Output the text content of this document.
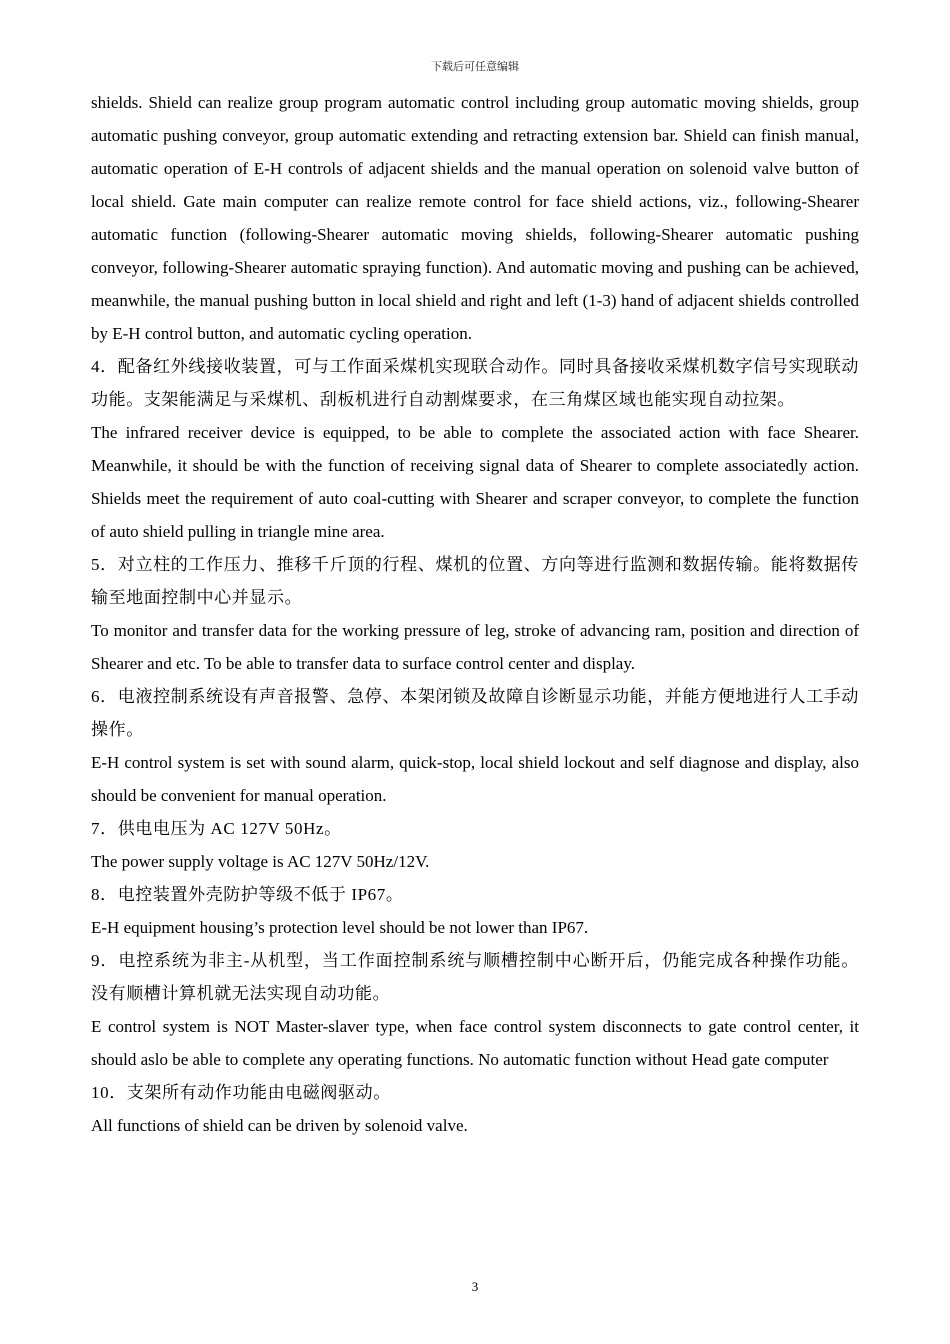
下载后可任意编辑

shields. Shield can realize group program automatic control including group automatic moving shields, group automatic pushing conveyor, group automatic extending and retracting extension bar. Shield can finish manual, automatic operation of E-H controls of adjacent shields and the manual operation on solenoid valve button of local shield. Gate main computer can realize remote control for face shield actions, viz., following-Shearer automatic function (following-Shearer automatic moving shields, following-Shearer automatic pushing conveyor, following-Shearer automatic spraying function). And automatic moving and pushing can be achieved, meanwhile, the manual pushing button in local shield and right and left (1-3) hand of adjacent shields controlled by E-H control button, and automatic cycling operation.

4．配备红外线接收装置，可与工作面采煤机实现联合动作。同时具备接收采煤机数字信号实现联动功能。支架能满足与采煤机、刮板机进行自动割煤要求，在三角煤区域也能实现自动拉架。

The infrared receiver device is equipped, to be able to complete the associated action with face Shearer. Meanwhile, it should be with the function of receiving signal data of Shearer to complete associatedly action. Shields meet the requirement of auto coal-cutting with Shearer and scraper conveyor, to complete the function of auto shield pulling in triangle mine area.

5．对立柱的工作压力、推移千斤顶的行程、煤机的位置、方向等进行监测和数据传输。能将数据传输至地面控制中心并显示。

To monitor and transfer data for the working pressure of leg, stroke of advancing ram, position and direction of Shearer and etc. To be able to transfer data to surface control center and display.

6．电液控制系统设有声音报警、急停、本架闭锁及故障自诊断显示功能，并能方便地进行人工手动操作。

E-H control system is set with sound alarm, quick-stop, local shield lockout and self diagnose and display, also should be convenient for manual operation.

7．供电电压为 AC 127V 50Hz。

The power supply voltage is AC 127V 50Hz/12V.

8．电控装置外壳防护等级不低于 IP67。

E-H equipment housing’s protection level should be not lower than IP67.

9．电控系统为非主-从机型，当工作面控制系统与顺槽控制中心断开后，仍能完成各种操作功能。没有顺槽计算机就无法实现自动功能。

E control system is NOT Master-slaver type, when face control system disconnects to gate control center, it should aslo be able to complete any operating functions. No automatic function without Head gate computer

10．支架所有动作功能由电磁阀驱动。

All functions of shield can be driven by solenoid valve.

3
